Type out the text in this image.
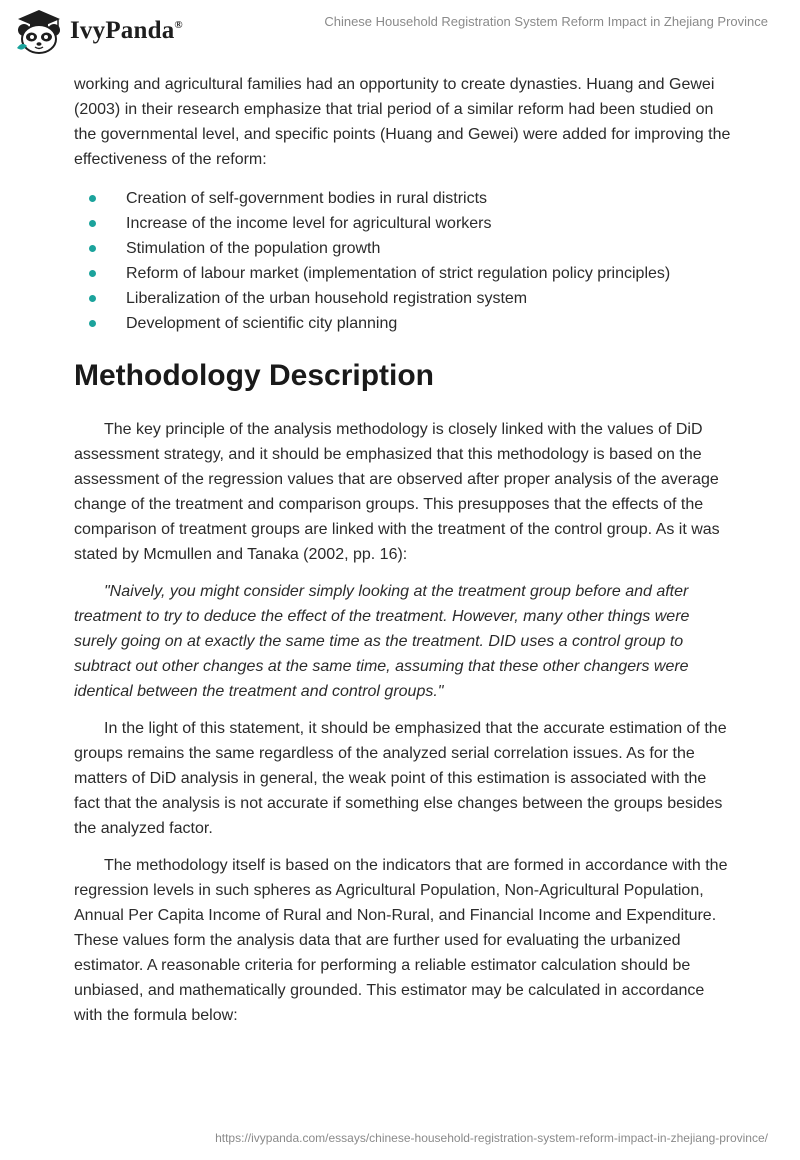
IvyPanda®	Chinese Household Registration System Reform Impact in Zhejiang Province

working and agricultural families had an opportunity to create dynasties. Huang and Gewei (2003) in their research emphasize that trial period of a similar reform had been studied on the governmental level, and specific points (Huang and Gewei) were added for improving the effectiveness of the reform:

Creation of self-government bodies in rural districts
Increase of the income level for agricultural workers
Stimulation of the population growth
Reform of labour market (implementation of strict regulation policy principles)
Liberalization of the urban household registration system
Development of scientific city planning
Methodology Description

The key principle of the analysis methodology is closely linked with the values of DiD assessment strategy, and it should be emphasized that this methodology is based on the assessment of the regression values that are observed after proper analysis of the average change of the treatment and comparison groups. This presupposes that the effects of the comparison of treatment groups are linked with the treatment of the control group. As it was stated by Mcmullen and Tanaka (2002, pp. 16):

"Naively, you might consider simply looking at the treatment group before and after treatment to try to deduce the effect of the treatment. However, many other things were surely going on at exactly the same time as the treatment. DID uses a control group to subtract out other changes at the same time, assuming that these other changers were identical between the treatment and control groups."

In the light of this statement, it should be emphasized that the accurate estimation of the groups remains the same regardless of the analyzed serial correlation issues. As for the matters of DiD analysis in general, the weak point of this estimation is associated with the fact that the analysis is not accurate if something else changes between the groups besides the analyzed factor.

The methodology itself is based on the indicators that are formed in accordance with the regression levels in such spheres as Agricultural Population, Non-Agricultural Population, Annual Per Capita Income of Rural and Non-Rural, and Financial Income and Expenditure. These values form the analysis data that are further used for evaluating the urbanized estimator. A reasonable criteria for performing a reliable estimator calculation should be unbiased, and mathematically grounded. This estimator may be calculated in accordance with the formula below:

https://ivypanda.com/essays/chinese-household-registration-system-reform-impact-in-zhejiang-province/
